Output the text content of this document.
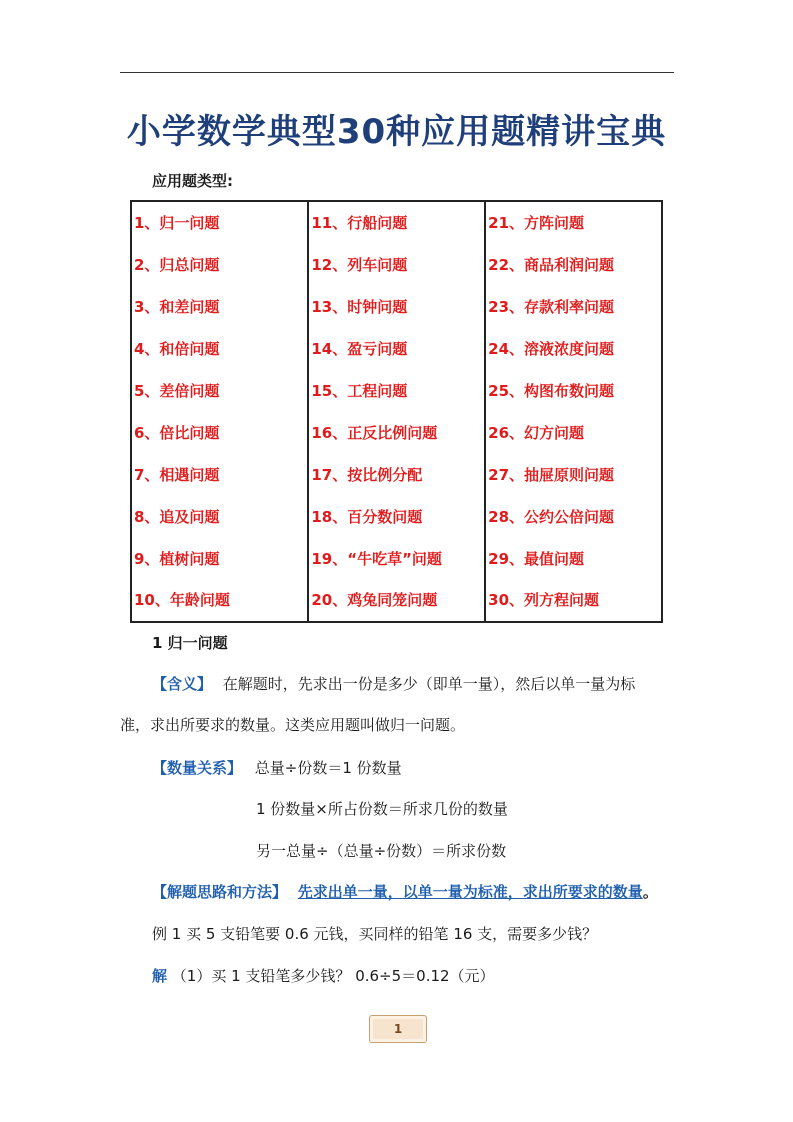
小学数学典型30种应用题精讲宝典
应用题类型:
1、归一问题	11、行船问题	21、方阵问题
2、归总问题	12、列车问题	22、商品利润问题
3、和差问题	13、时钟问题	23、存款利率问题
4、和倍问题	14、盈亏问题	24、溶液浓度问题
5、差倍问题	15、工程问题	25、构图布数问题
6、倍比问题	16、正反比例问题	26、幻方问题
7、相遇问题	17、按比例分配	27、抽屉原则问题
8、追及问题	18、百分数问题	28、公约公倍问题
9、植树问题	19、“牛吃草”问题	29、最值问题
10、年龄问题	20、鸡兔同笼问题	30、列方程问题
1 归一问题
【含义】 在解题时，先求出一份是多少（即单一量），然后以单一量为标
准，求出所要求的数量。这类应用题叫做归一问题。
【数量关系】 总量÷份数＝1 份数量
1 份数量×所占份数＝所求几份的数量
另一总量÷（总量÷份数）＝所求份数
【解题思路和方法】 先求出单一量，以单一量为标准，求出所要求的数量。
例 1 买 5 支铅笔要 0.6 元钱，买同样的铅笔 16 支，需要多少钱？
解 （1）买 1 支铅笔多少钱？ 0.6÷5＝0.12（元）
1
